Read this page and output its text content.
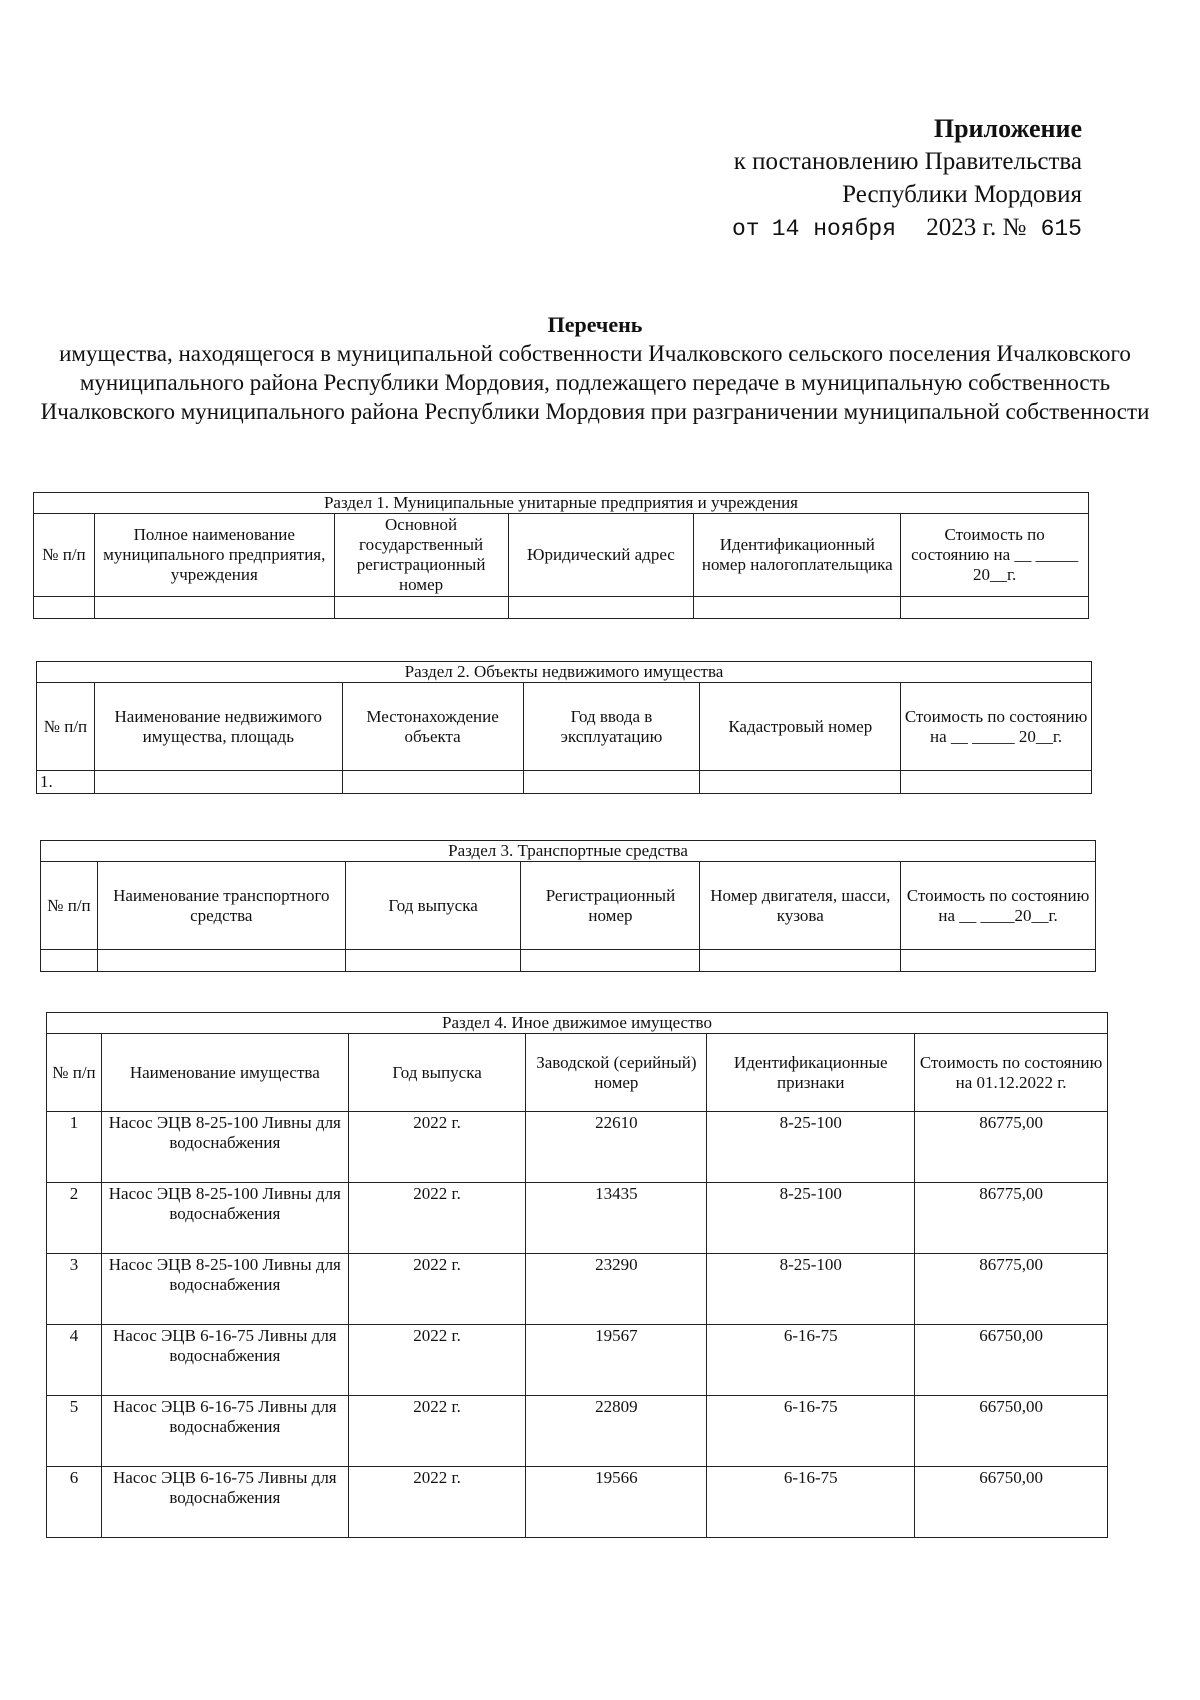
Приложение
к постановлению Правительства
Республики Мордовия
от 14 ноября 2023 г. № 615
Перечень
имущества, находящегося в муниципальной собственности Ичалковского сельского поселения Ичалковского муниципального района Республики Мордовия, подлежащего передаче в муниципальную собственность Ичалковского муниципального района Республики Мордовия при разграничении муниципальной собственности
Раздел 1. Муниципальные унитарные предприятия и учреждения					
№ п/п	Полное наименование муниципального предприятия, учреждения	Основной государственный регистрационный номер	Юридический адрес	Идентификационный номер налогоплательщика	Стоимость по состоянию на __ _____ 20__г.

Раздел 2. Объекты недвижимого имущества					
№ п/п	Наименование недвижимого имущества, площадь	Местонахождение объекта	Год ввода в эксплуатацию	Кадастровый номер	Стоимость по состоянию на __ _____ 20__г.
1.					
Раздел 3. Транспортные средства					
№ п/п	Наименование транспортного средства	Год выпуска	Регистрационный номер	Номер двигателя, шасси, кузова	Стоимость по состоянию на __ ____20__г.

Раздел 4. Иное движимое имущество					
№ п/п	Наименование имущества	Год выпуска	Заводской (серийный) номер	Идентификационные признаки	Стоимость по состоянию на 01.12.2022 г.
1	Насос ЭЦВ 8-25-100 Ливны для водоснабжения	2022 г.	22610	8-25-100	86775,00
2	Насос ЭЦВ 8-25-100 Ливны для водоснабжения	2022 г.	13435	8-25-100	86775,00
3	Насос ЭЦВ 8-25-100 Ливны для водоснабжения	2022 г.	23290	8-25-100	86775,00
4	Насос ЭЦВ 6-16-75 Ливны для водоснабжения	2022 г.	19567	6-16-75	66750,00
5	Насос ЭЦВ 6-16-75 Ливны для водоснабжения	2022 г.	22809	6-16-75	66750,00
6	Насос ЭЦВ 6-16-75 Ливны для водоснабжения	2022 г.	19566	6-16-75	66750,00
